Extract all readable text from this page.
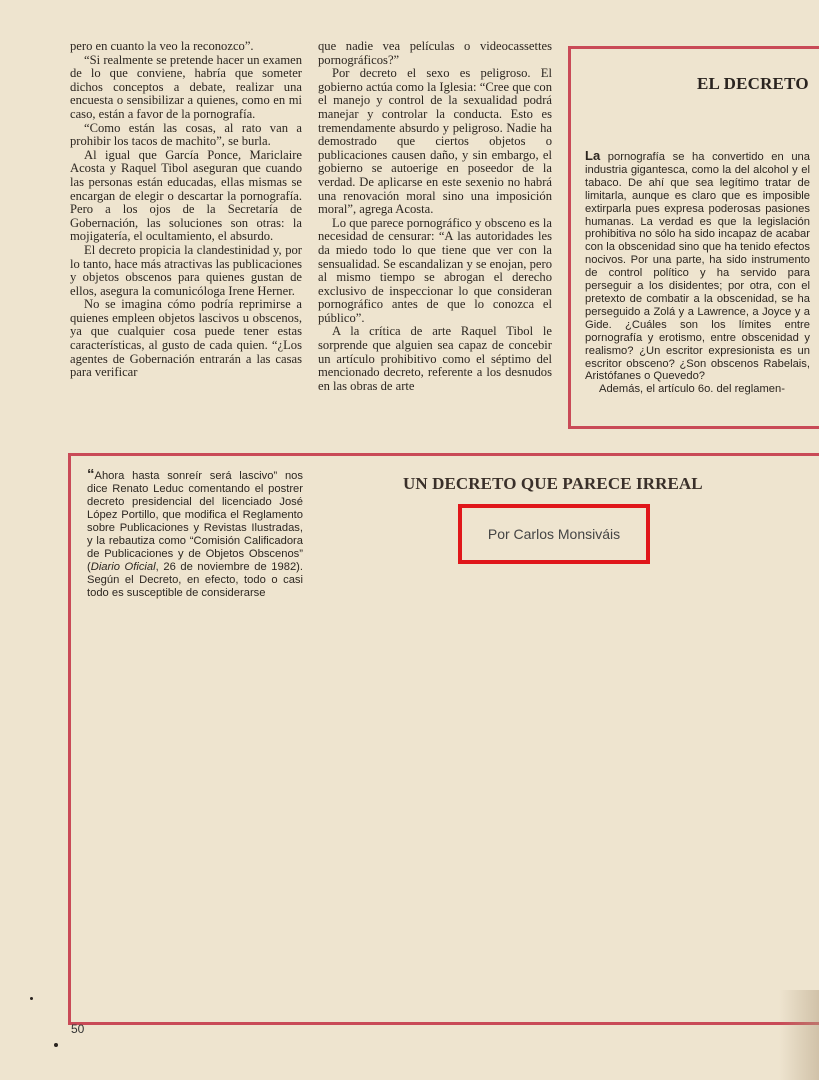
pero en cuanto la veo la reconozco”.

“Si realmente se pretende hacer un examen de lo que conviene, habría que someter dichos conceptos a debate, realizar una encuesta o sensibilizar a quienes, como en mi caso, están a favor de la pornografía.

“Como están las cosas, al rato van a prohibir los tacos de machito”, se burla.

Al igual que García Ponce, Mariclaire Acosta y Raquel Tibol aseguran que cuando las personas están educadas, ellas mismas se encargan de elegir o descartar la pornografía. Pero a los ojos de la Secretaría de Gobernación, las soluciones son otras: la mojigatería, el ocultamiento, el absurdo.

El decreto propicia la clandestinidad y, por lo tanto, hace más atractivas las publicaciones y objetos obscenos para quienes gustan de ellos, asegura la comunicóloga Irene Herner.

No se imagina cómo podría reprimirse a quienes empleen objetos lascivos u obscenos, ya que cualquier cosa puede tener estas características, al gusto de cada quien. “¿Los agentes de Gobernación entrarán a las casas para verificar

que nadie vea películas o videocassettes pornográficos?”

Por decreto el sexo es peligroso. El gobierno actúa como la Iglesia: “Cree que con el manejo y control de la sexualidad podrá manejar y controlar la conducta. Esto es tremendamente absurdo y peligroso. Nadie ha demostrado que ciertos objetos o publicaciones causen daño, y sin embargo, el gobierno se autoerige en poseedor de la verdad. De aplicarse en este sexenio no habrá una renovación moral sino una imposición moral”, agrega Acosta.

Lo que parece pornográfico y obsceno es la necesidad de censurar: “A las autoridades les da miedo todo lo que tiene que ver con la sensualidad. Se escandalizan y se enojan, pero al mismo tiempo se abrogan el derecho exclusivo de inspeccionar lo que consideran pornográfico antes de que lo conozca el público”.

A la crítica de arte Raquel Tibol le sorprende que alguien sea capaz de concebir un artículo prohibitivo como el séptimo del mencionado decreto, referente a los desnudos en las obras de arte

EL DECRETO

La pornografía se ha convertido en una industria gigantesca, como la del alcohol y el tabaco. De ahí que sea legítimo tratar de limitarla, aunque es claro que es imposible extirparla pues expresa poderosas pasiones humanas. La verdad es que la legislación prohibitiva no sólo ha sido incapaz de acabar con la obscenidad sino que ha tenido efectos nocivos. Por una parte, ha sido instrumento de control político y ha servido para perseguir a los disidentes; por otra, con el pretexto de combatir a la obscenidad, se ha perseguido a Zolá y a Lawrence, a Joyce y a Gide. ¿Cuáles son los límites entre pornografía y erotismo, entre obscenidad y realismo? ¿Un escritor expresionista es un escritor obsceno? ¿Son obscenos Rabelais, Aristófanes o Quevedo?

Además, el artículo 6o. del reglamen-

“Ahora hasta sonreír será lascivo” nos dice Renato Leduc comentando el postrer decreto presidencial del licenciado José López Portillo, que modifica el Reglamento sobre Publicaciones y Revistas Ilustradas, y la rebautiza como “Comisión Calificadora de Publicaciones y de Objetos Obscenos” (Diario Oficial, 26 de noviembre de 1982). Según el Decreto, en efecto, todo o casi todo es susceptible de considerarse

UN DECRETO QUE PARECE IRREAL
Por Carlos Monsiváis

50
